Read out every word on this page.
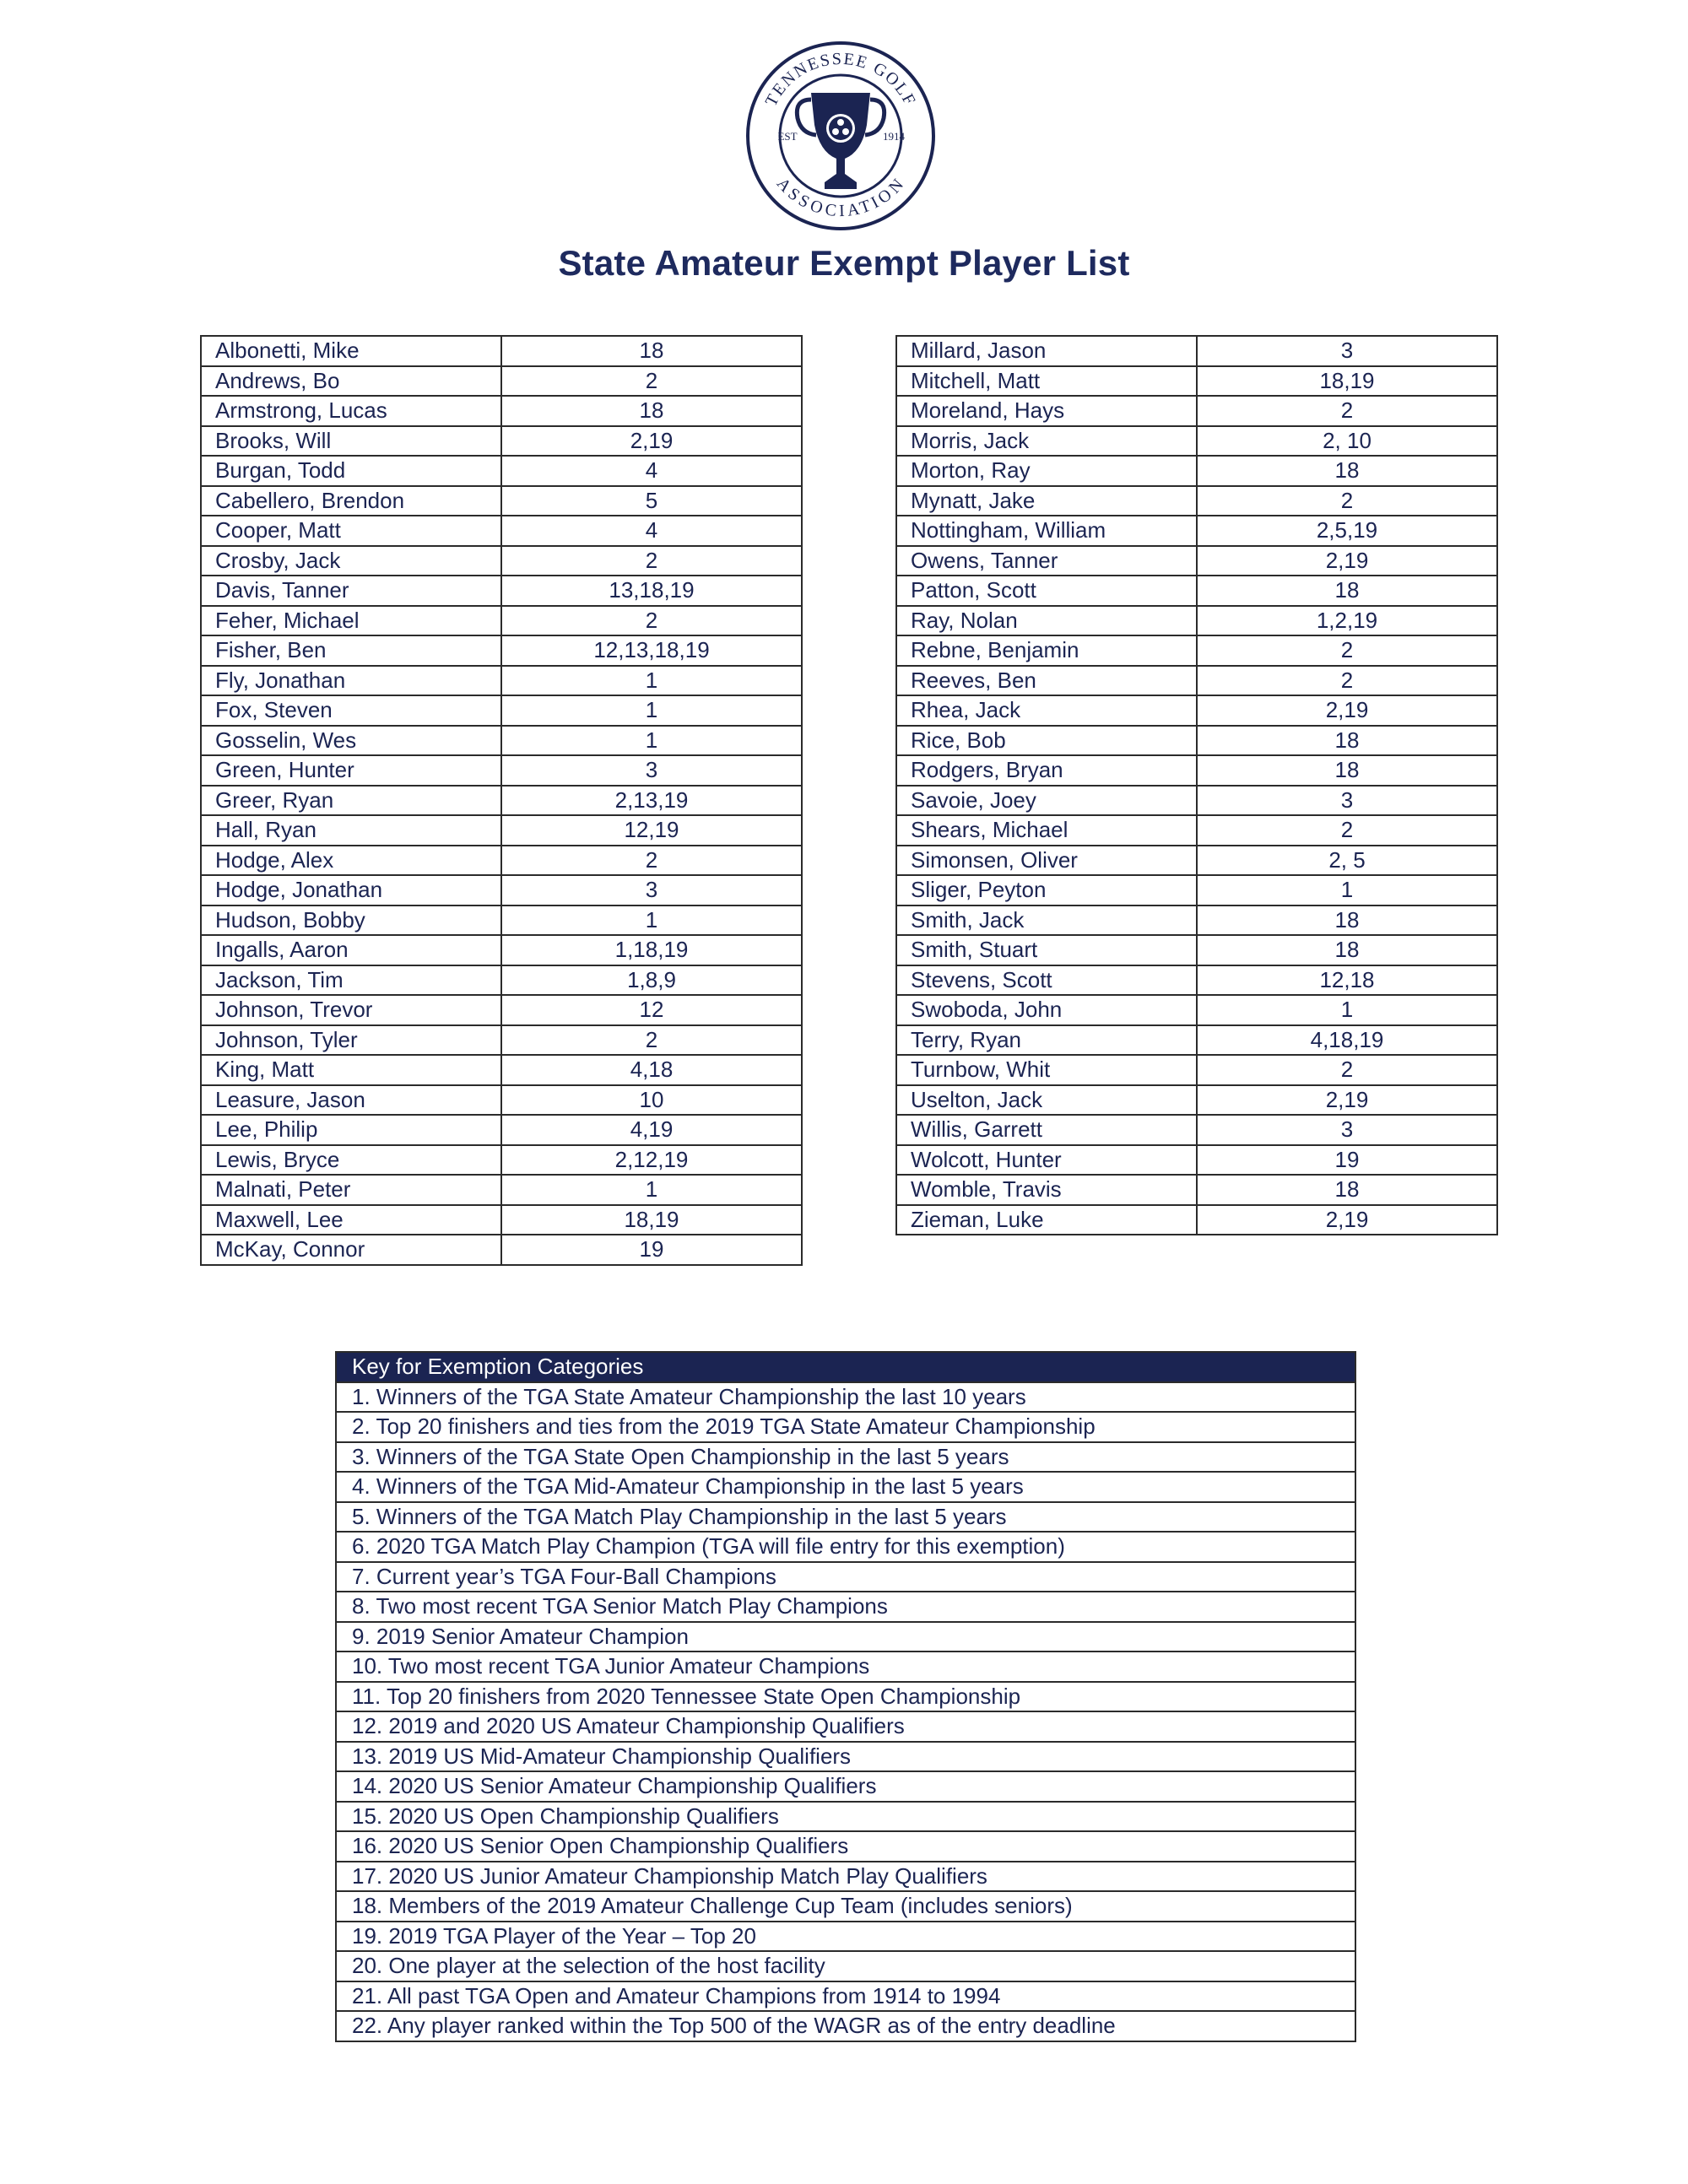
TENNESSEE GOLF
ASSOCIATION
EST	1914
State Amateur Exempt Player List
Albonetti, Mike	18
Andrews, Bo	2
Armstrong, Lucas	18
Brooks, Will	2,19
Burgan, Todd	4
Cabellero, Brendon	5
Cooper, Matt	4
Crosby, Jack	2
Davis, Tanner	13,18,19
Feher, Michael	2
Fisher, Ben	12,13,18,19
Fly, Jonathan	1
Fox, Steven	1
Gosselin, Wes	1
Green, Hunter	3
Greer, Ryan	2,13,19
Hall, Ryan	12,19
Hodge, Alex	2
Hodge, Jonathan	3
Hudson, Bobby	1
Ingalls, Aaron	1,18,19
Jackson, Tim	1,8,9
Johnson, Trevor	12
Johnson, Tyler	2
King, Matt	4,18
Leasure, Jason	10
Lee, Philip	4,19
Lewis, Bryce	2,12,19
Malnati, Peter	1
Maxwell, Lee	18,19
McKay, Connor	19
Millard, Jason	3
Mitchell, Matt	18,19
Moreland, Hays	2
Morris, Jack	2, 10
Morton, Ray	18
Mynatt, Jake	2
Nottingham, William	2,5,19
Owens, Tanner	2,19
Patton, Scott	18
Ray, Nolan	1,2,19
Rebne, Benjamin	2
Reeves, Ben	2
Rhea, Jack	2,19
Rice, Bob	18
Rodgers, Bryan	18
Savoie, Joey	3
Shears, Michael	2
Simonsen, Oliver	2, 5
Sliger, Peyton	1
Smith, Jack	18
Smith, Stuart	18
Stevens, Scott	12,18
Swoboda, John	1
Terry, Ryan	4,18,19
Turnbow, Whit	2
Uselton, Jack	2,19
Willis, Garrett	3
Wolcott, Hunter	19
Womble, Travis	18
Zieman, Luke	2,19
Key for Exemption Categories
1. Winners of the TGA State Amateur Championship the last 10 years
2. Top 20 finishers and ties from the 2019 TGA State Amateur Championship
3. Winners of the TGA State Open Championship in the last 5 years
4. Winners of the TGA Mid-Amateur Championship in the last 5 years
5. Winners of the TGA Match Play Championship in the last 5 years
6. 2020 TGA Match Play Champion (TGA will file entry for this exemption)
7. Current year’s TGA Four-Ball Champions
8. Two most recent TGA Senior Match Play Champions
9. 2019 Senior Amateur Champion
10. Two most recent TGA Junior Amateur Champions
11. Top 20 finishers from 2020 Tennessee State Open Championship
12. 2019 and 2020 US Amateur Championship Qualifiers
13. 2019 US Mid-Amateur Championship Qualifiers
14. 2020 US Senior Amateur Championship Qualifiers
15. 2020 US Open Championship Qualifiers
16. 2020 US Senior Open Championship Qualifiers
17. 2020 US Junior Amateur Championship Match Play Qualifiers
18. Members of the 2019 Amateur Challenge Cup Team (includes seniors)
19. 2019 TGA Player of the Year – Top 20
20. One player at the selection of the host facility
21. All past TGA Open and Amateur Champions from 1914 to 1994
22. Any player ranked within the Top 500 of the WAGR as of the entry deadline
